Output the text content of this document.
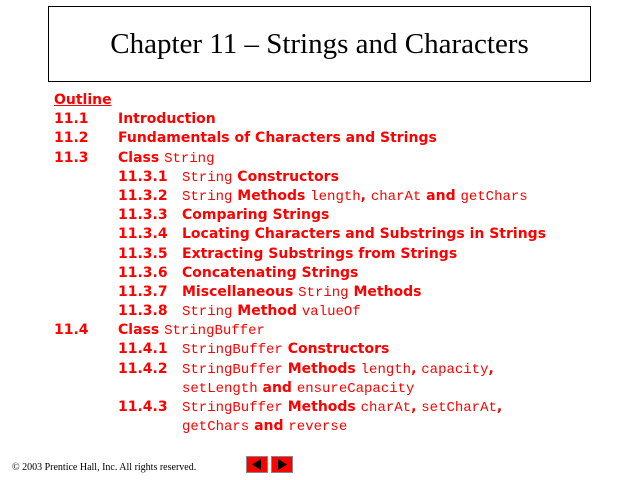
Chapter 11 – Strings and Characters
Outline
11.1 Introduction
11.2 Fundamentals of Characters and Strings
11.3 Class String
11.3.1 String Constructors
11.3.2 String Methods length, charAt and getChars
11.3.3 Comparing Strings
11.3.4 Locating Characters and Substrings in Strings
11.3.5 Extracting Substrings from Strings
11.3.6 Concatenating Strings
11.3.7 Miscellaneous String Methods
11.3.8 String Method valueOf
11.4 Class StringBuffer
11.4.1 StringBuffer Constructors
11.4.2 StringBuffer Methods length, capacity,
setLength and ensureCapacity
11.4.3 StringBuffer Methods charAt, setCharAt,
getChars and reverse
© 2003 Prentice Hall, Inc. All rights reserved.
